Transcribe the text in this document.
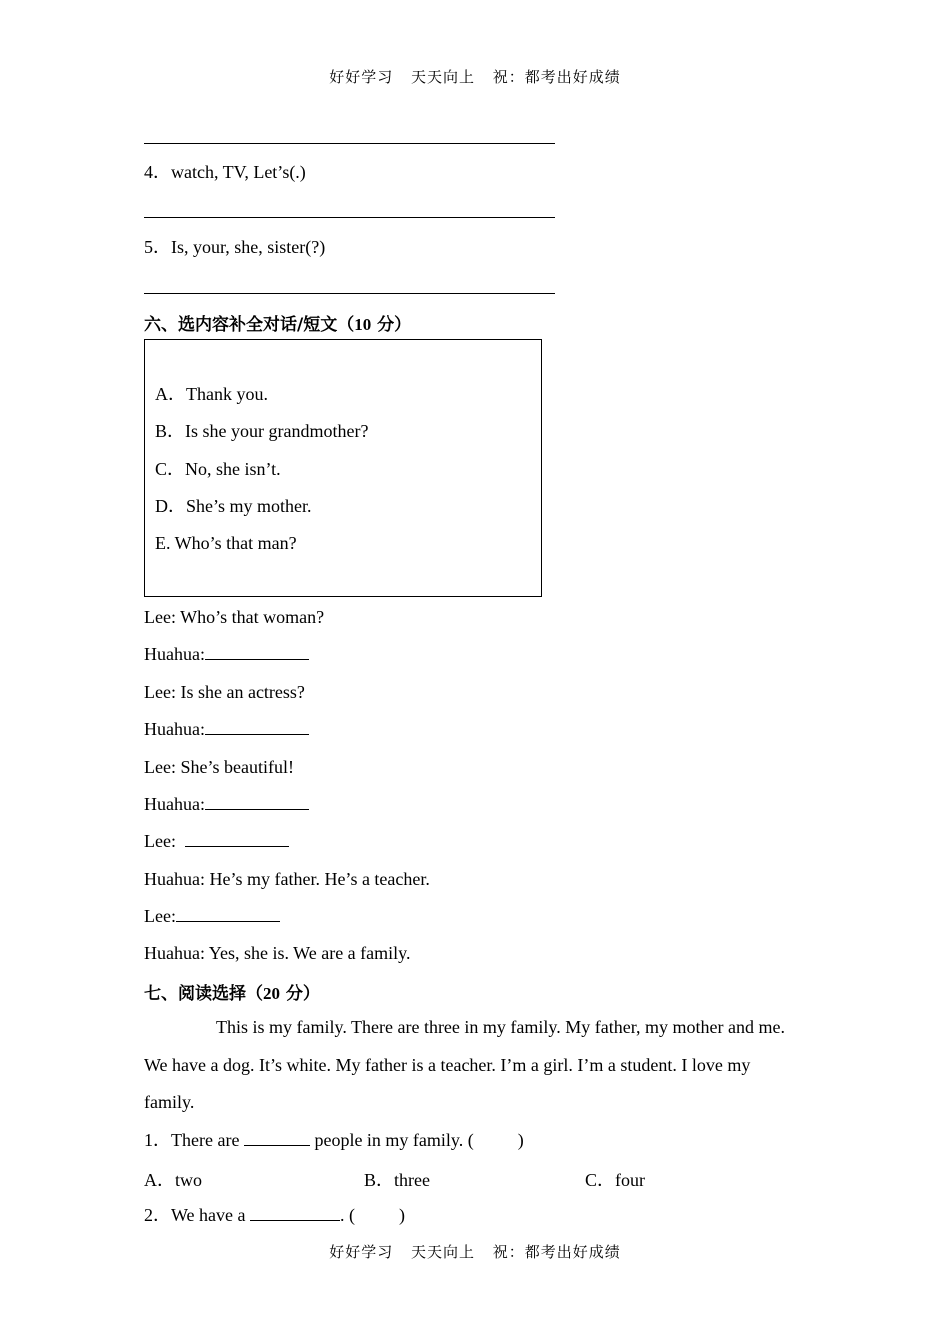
好好学习 天天向上 祝：都考出好成绩
4．watch, TV, Let’s(.)
5．Is, your, she, sister(?)
六、选内容补全对话/短文（10 分）
A．Thank you.
B．Is she your grandmother?
C．No, she isn’t.
D．She’s my mother.
E. Who’s that man?
Lee: Who’s that woman?
Huahua:
Lee: Is she an actress?
Huahua:
Lee: She’s beautiful!
Huahua:
Lee:
Huahua: He’s my father. He’s a teacher.
Lee:
Huahua: Yes, she is. We are a family.
七、阅读选择（20 分）
This is my family. There are three in my family. My father, my mother and me. We have a dog. It’s white. My father is a teacher. I’m a girl. I’m a student. I love my family.
1．There are	people in my family. ( )
A．two	B．three	C．four
2．We have a	. ( )
好好学习 天天向上 祝：都考出好成绩
